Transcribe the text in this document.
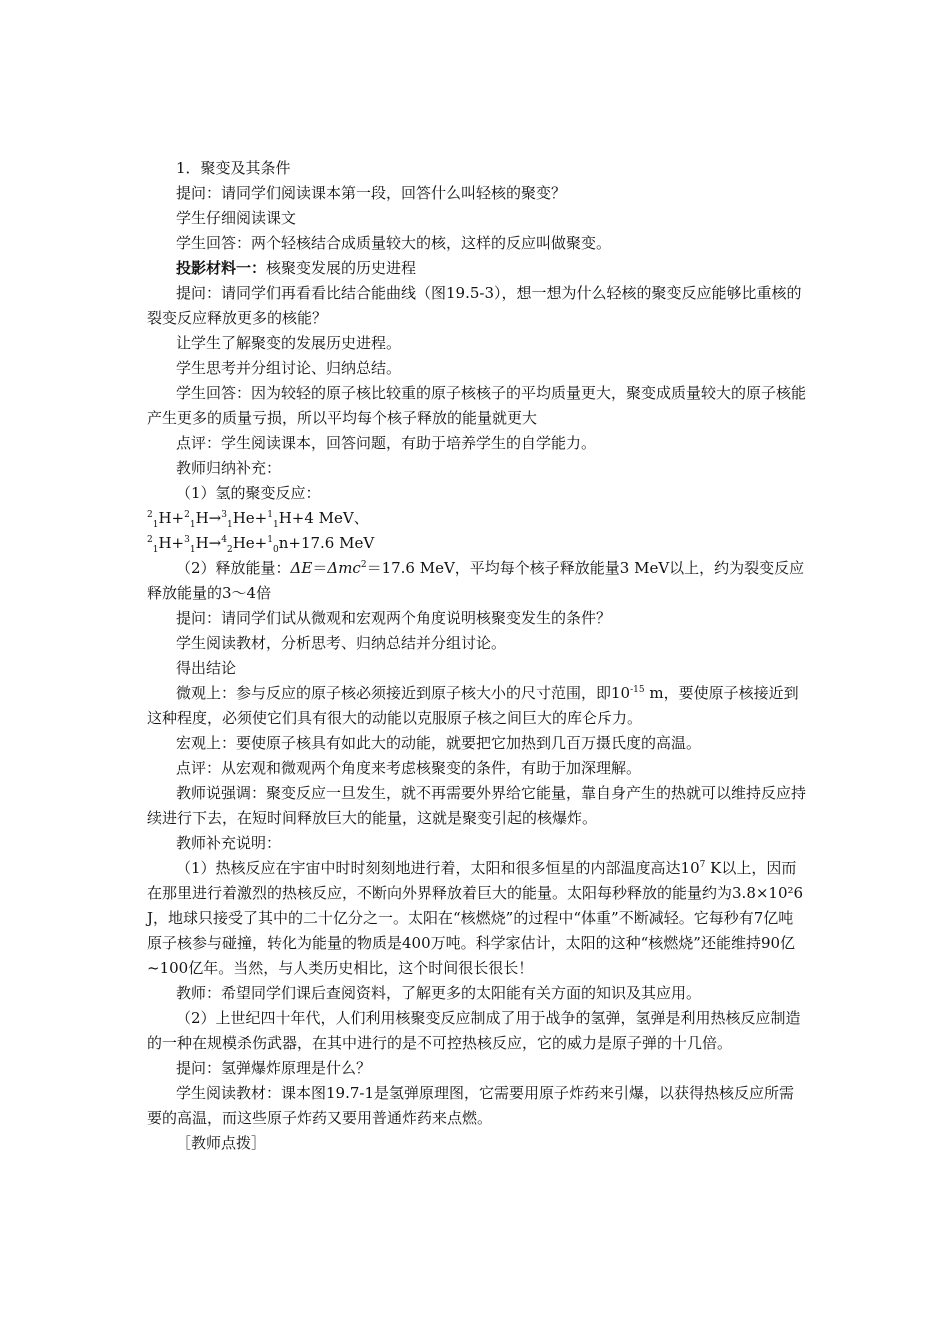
1．聚变及其条件

提问：请同学们阅读课本第一段，回答什么叫轻核的聚变？

学生仔细阅读课文

学生回答：两个轻核结合成质量较大的核，这样的反应叫做聚变。

投影材料一：核聚变发展的历史进程

提问：请同学们再看看比结合能曲线（图19.5-3），想一想为什么轻核的聚变反应能够比重核的裂变反应释放更多的核能？

让学生了解聚变的发展历史进程。

学生思考并分组讨论、归纳总结。

学生回答：因为较轻的原子核比较重的原子核核子的平均质量更大，聚变成质量较大的原子核能产生更多的质量亏损，所以平均每个核子释放的能量就更大

点评：学生阅读课本，回答问题，有助于培养学生的自学能力。

教师归纳补充：

（1）氢的聚变反应：

$^2_1$H+$^2_1$H→$^3_1$He+$^1_1$H+4 MeV、

$^2_1$H+$^3_1$H→$^4_2$He+$^1_0$n+17.6 MeV

（2）释放能量：ΔE＝Δmc$^2$＝17.6 MeV，平均每个核子释放能量3 MeV以上，约为裂变反应释放能量的3～4倍

提问：请同学们试从微观和宏观两个角度说明核聚变发生的条件？

学生阅读教材，分析思考、归纳总结并分组讨论。

得出结论

微观上：参与反应的原子核必须接近到原子核大小的尺寸范围，即$10^{-15}$ m，要使原子核接近到这种程度，必须使它们具有很大的动能以克服原子核之间巨大的库仑斥力。

宏观上：要使原子核具有如此大的动能，就要把它加热到几百万摄氏度的高温。

点评：从宏观和微观两个角度来考虑核聚变的条件，有助于加深理解。

教师说强调：聚变反应一旦发生，就不再需要外界给它能量，靠自身产生的热就可以维持反应持续进行下去，在短时间释放巨大的能量，这就是聚变引起的核爆炸。

教师补充说明：

（1）热核反应在宇宙中时时刻刻地进行着，太阳和很多恒星的内部温度高达$10^7$ K以上，因而在那里进行着激烈的热核反应，不断向外界释放着巨大的能量。太阳每秒释放的能量约为3.8×10²6 J，地球只接受了其中的二十亿分之一。太阳在“核燃烧”的过程中“体重”不断减轻。它每秒有7亿吨原子核参与碰撞，转化为能量的物质是400万吨。科学家估计，太阳的这种“核燃烧”还能维持90亿~100亿年。当然，与人类历史相比，这个时间很长很长！

教师：希望同学们课后查阅资料，了解更多的太阳能有关方面的知识及其应用。

（2）上世纪四十年代，人们利用核聚变反应制成了用于战争的氢弹，氢弹是利用热核反应制造的一种在规模杀伤武器，在其中进行的是不可控热核反应，它的威力是原子弹的十几倍。

提问：氢弹爆炸原理是什么？

学生阅读教材：课本图19.7-1是氢弹原理图，它需要用原子炸药来引爆，以获得热核反应所需要的高温，而这些原子炸药又要用普通炸药来点燃。

［教师点拨］
